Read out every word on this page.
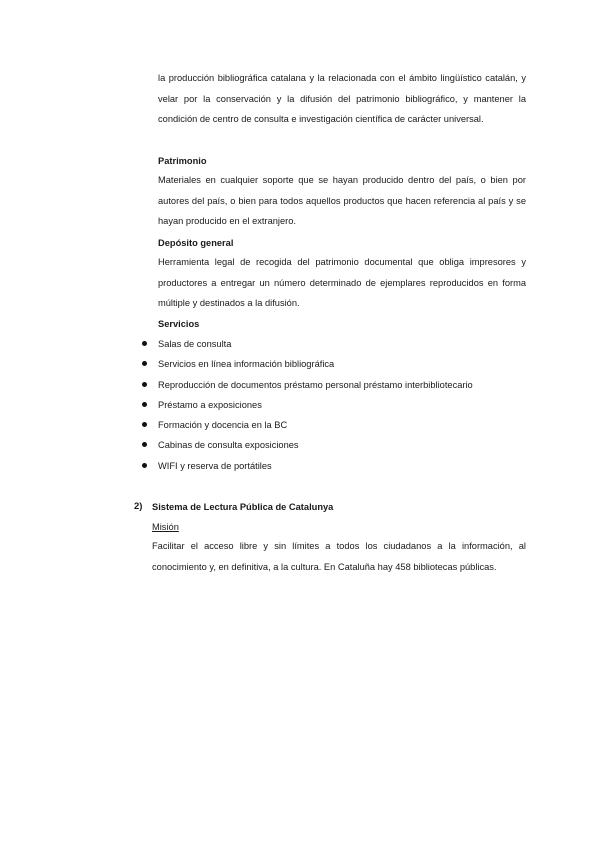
la producción bibliográfica catalana y la relacionada con el ámbito lingüístico catalán, y velar por la conservación y la difusión del patrimonio bibliográfico, y mantener la condición de centro de consulta e investigación científica de carácter universal.

Patrimonio

Materiales en cualquier soporte que se hayan producido dentro del país, o bien por autores del país, o bien para todos aquellos productos que hacen referencia al país y se hayan producido en el extranjero.

Depósito general

Herramienta legal de recogida del patrimonio documental que obliga impresores y productores a entregar un número determinado de ejemplares reproducidos en forma múltiple y destinados a la difusión.

Servicios
Salas de consulta
Servicios en línea información bibliográfica
Reproducción de documentos préstamo personal préstamo interbibliotecario
Préstamo a exposiciones
Formación y docencia en la BC
Cabinas de consulta exposiciones
WIFI y reserva de portátiles
2) Sistema de Lectura Pública de Catalunya
Misión

Facilitar el acceso libre y sin límites a todos los ciudadanos a la información, al conocimiento y, en definitiva, a la cultura. En Cataluña hay 458 bibliotecas públicas.
